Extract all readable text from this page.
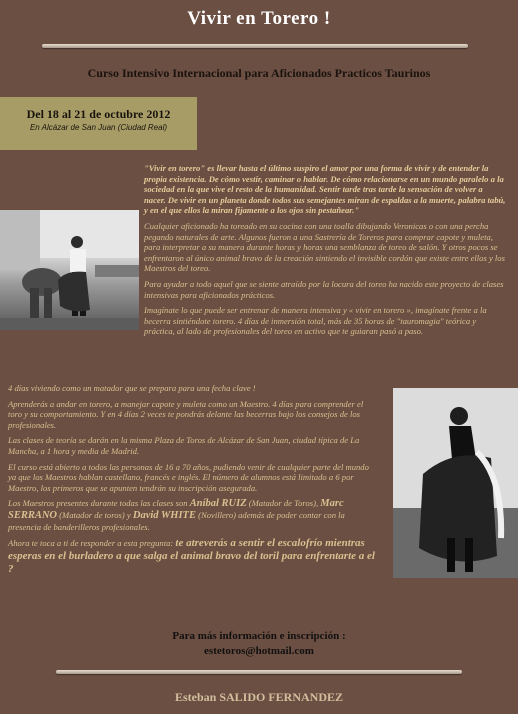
Vivir en Torero !
Curso Intensivo Internacional para Aficionados Practicos Taurinos
Del 18 al 21 de octubre 2012
En Alcázar de San Juan (Ciudad Real)

"Vivir en torero" es llevar hasta el último suspiro el amor por una forma de vivir y de entender la propia existencia. De cómo vestir, caminar o hablar. De cómo relacionarse en un mundo paralelo a la sociedad en la que vive el resto de la humanidad. Sentir tarde tras tarde la sensación de volver a nacer. De vivir en un planeta donde todos sus semejantes miran de espaldas a la muerte, palabra tabú, y en el que ellos la miran fijamente a los ojos sin pestañear."

Cualquier aficionado ha toreado en su cocina con una toalla dibujando Veronicas o con una percha pegando naturales de arte. Algunos fueron a una Sastrería de Toreros para comprar capote y muleta, para interpretar a su manera durante horas y horas una semblanza de toreo de salón. Y otros pocos se enfrentaron al único animal bravo de la creación sintiendo el invisible cordón que existe entre ellos y los Maestros del toreo.

Para ayudar a todo aquel que se siente atraído por la locura del toreo ha nacido este proyecto de clases intensivas para aficionados prácticos.

Imagínate lo que puede ser entrenar de manera intensiva y « vivir en torero », imagínate frente a la becerra sintiéndote torero. 4 días de inmersión total, más de 35 horas de "tauromagia" teórica y práctica, al lado de profesionales del toreo en activo que te guiaran pasó a paso.

4 días viviendo como un matador que se prepara para una fecha clave !

Aprenderás a andar en torero, a manejar capote y muleta como un Maestro. 4 días para comprender el toro y su comportamiento. Y en 4 días 2 veces te pondrás delante las becerras bajo los consejos de los profesionales.

Las clases de teoría se darán en la misma Plaza de Toros de Alcázar de San Juan, ciudad típica de La Mancha, a 1 hora y media de Madrid.

El curso está abierto a todos las personas de 16 a 70 años, pudiendo venir de cualquier parte del mundo ya que los Maestros hablan castellano, francés e inglés. El número de alumnos está limitado a 6 por Maestro, los primeros que se apunten tendrán su inscripción asegurada.

Los Maestros presentes durante todas las clases son Aníbal RUIZ (Matador de Toros), Marc SERRANO (Matador de toros) y David WHITE (Novillero) además de poder contar con la presencia de banderilleros profesionales.

Ahora te toca a ti de responder a esta pregunta: te atreverás a sentir el escalofrío mientras esperas en el burladero a que salga el animal bravo del toril para enfrentarte a el ?

Para más información e inscripción :
estetoros@hotmail.com
Esteban SALIDO FERNANDEZ
